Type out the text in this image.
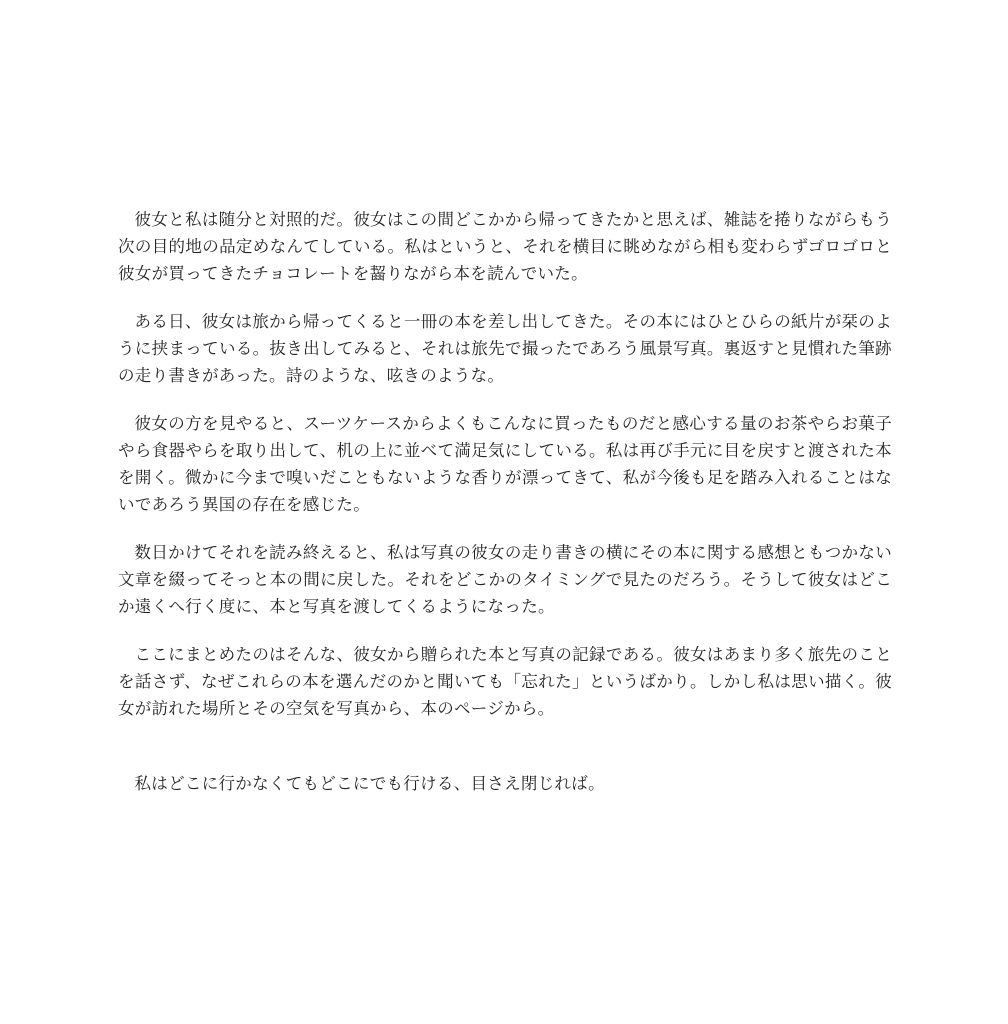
彼女と私は随分と対照的だ。彼女はこの間どこかから帰ってきたかと思えば、雑誌を捲りながらもう次の目的地の品定めなんてしている。私はというと、それを横目に眺めながら相も変わらずゴロゴロと彼女が買ってきたチョコレートを齧りながら本を読んでいた。

ある日、彼女は旅から帰ってくると一冊の本を差し出してきた。その本にはひとひらの紙片が栞のように挟まっている。抜き出してみると、それは旅先で撮ったであろう風景写真。裏返すと見慣れた筆跡の走り書きがあった。詩のような、呟きのような。

彼女の方を見やると、スーツケースからよくもこんなに買ったものだと感心する量のお茶やらお菓子やら食器やらを取り出して、机の上に並べて満足気にしている。私は再び手元に目を戻すと渡された本を開く。微かに今まで嗅いだこともないような香りが漂ってきて、私が今後も足を踏み入れることはないであろう異国の存在を感じた。

数日かけてそれを読み終えると、私は写真の彼女の走り書きの横にその本に関する感想ともつかない文章を綴ってそっと本の間に戻した。それをどこかのタイミングで見たのだろう。そうして彼女はどこか遠くへ行く度に、本と写真を渡してくるようになった。

ここにまとめたのはそんな、彼女から贈られた本と写真の記録である。彼女はあまり多く旅先のことを話さず、なぜこれらの本を選んだのかと聞いても「忘れた」というばかり。しかし私は思い描く。彼女が訪れた場所とその空気を写真から、本のページから。

私はどこに行かなくてもどこにでも行ける、目さえ閉じれば。
